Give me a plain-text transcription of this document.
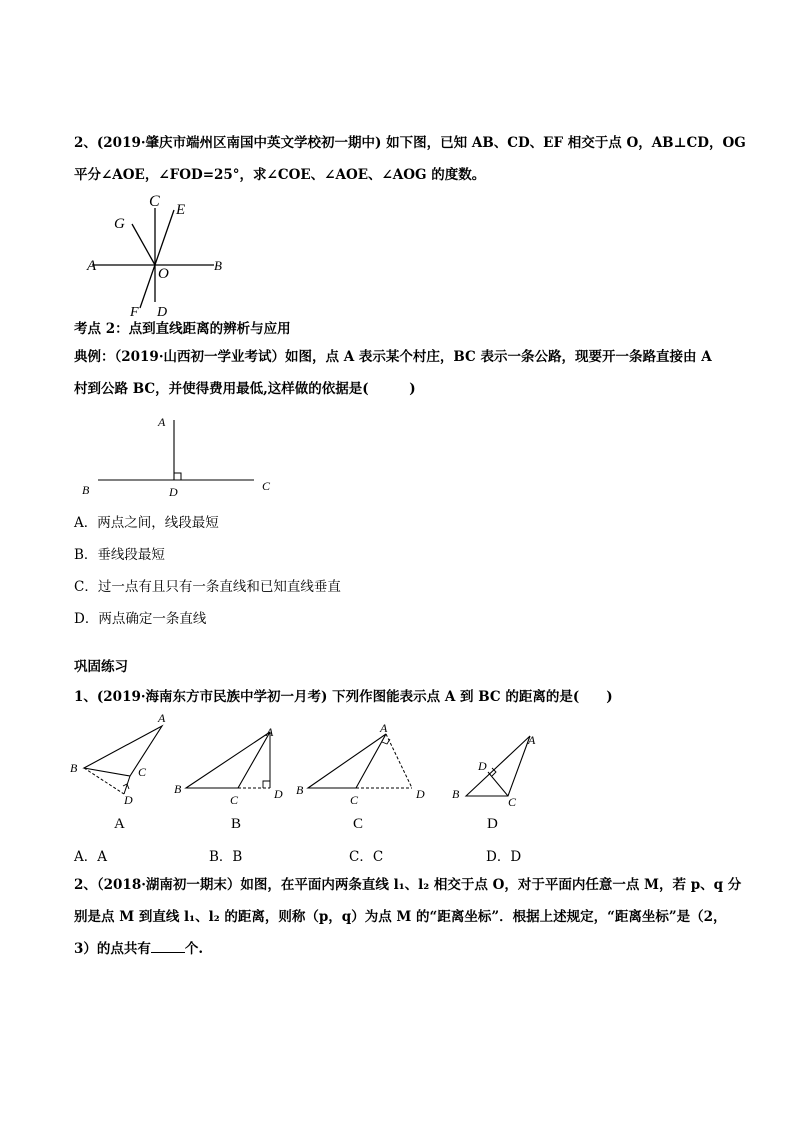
2、(2019·肇庆市端州区南国中英文学校初一期中) 如下图，已知 AB、CD、EF 相交于点 O，AB⊥CD，OG
平分∠AOE，∠FOD=25°，求∠COE、∠AOE、∠AOG 的度数。
C E
G
A	O
B
F D
考点 2：点到直线距离的辨析与应用
典例：（2019·山西初一学业考试）如图，点 A 表示某个村庄，BC 表示一条公路，现要开一条路直接由 A
村到公路 BC，并使得费用最低,这样做的依据是(　　　)
A
B	D	C
A．两点之间，线段最短
B．垂线段最短
C．过一点有且只有一条直线和已知直线垂直
D．两点确定一条直线
巩固练习
1、(2019·海南东方市民族中学初一月考) 下列作图能表示点 A 到 BC 的距离的是(　　)
A
B	C
D
A
B
C	D
A
B
C	D
A
B
C
D
A	B	C	D
A．A	B．B	C．C	D．D
2、（2018·湖南初一期末）如图，在平面内两条直线 l₁、l₂ 相交于点 O，对于平面内任意一点 M，若 p、q 分
别是点 M 到直线 l₁、l₂ 的距离，则称（p，q）为点 M 的“距离坐标”．根据上述规定，“距离坐标”是（2，
3）的点共有	个.
